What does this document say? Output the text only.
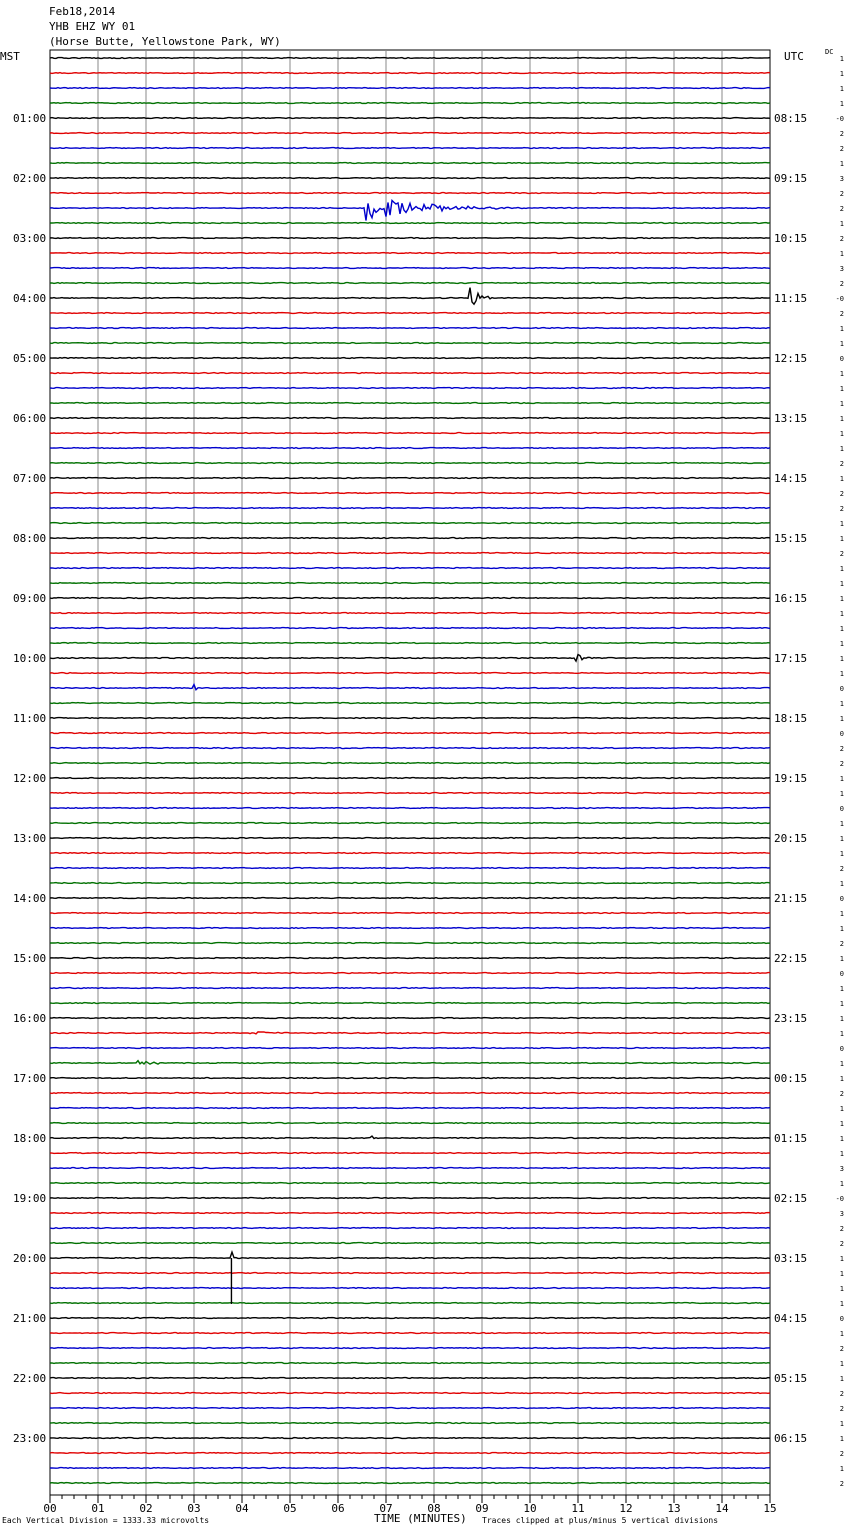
01:00
02:00
03:00
04:00
05:00
06:00
07:00
08:00
09:00
10:00
11:00
12:00
13:00
14:00
15:00
16:00
17:00
18:00
19:00
20:00
21:00
22:00
23:00
08:15
09:15
10:15
11:15
12:15
13:15
14:15
15:15
16:15
17:15
18:15
19:15
20:15
21:15
22:15
23:15
00:15
01:15
02:15
03:15
04:15
05:15
06:15
1
1
1
1
-0
2
2
1
3
2
2
1
2
1
3
2
-0
2
1
1
0
1
1
1
1
1
1
2
1
2
2
1
1
2
1
1
1
1
1
1
1
1
0
1
1
0
2
2
1
1
0
1
1
1
2
1
0
1
1
2
1
0
1
1
1
1
0
1
1
2
1
1
1
1
3
1
-0
3
2
2
1
1
1
1
0
1
2
1
1
2
2
1
1
2
1
2
00	01	02	03	04	05	06	07	08	09	10	11	12	13	14	15
Feb18,2014
YHB EHZ WY 01
(Horse Butte, Yellowstone Park, WY)
MST	UTC	DC
Each Vertical Division = 1333.33 microvolts	TIME (MINUTES) Traces clipped at plus/minus 5 vertical divisions
